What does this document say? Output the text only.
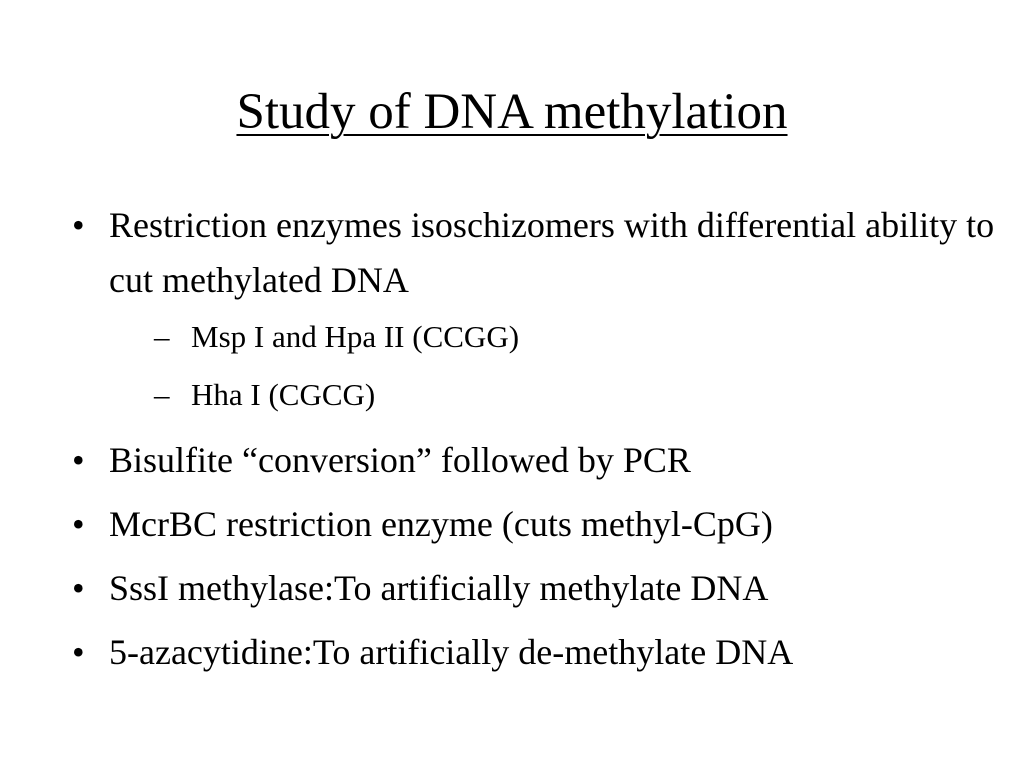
Study of DNA methylation
• Restriction enzymes isoschizomers with differential ability to cut methylated DNA
– Msp I and Hpa II (CCGG)
– Hha I (CGCG)
• Bisulfite “conversion” followed by PCR
• McrBC restriction enzyme (cuts methyl-CpG)
• SssI methylase:To artificially methylate DNA
• 5-azacytidine:To artificially de-methylate DNA
